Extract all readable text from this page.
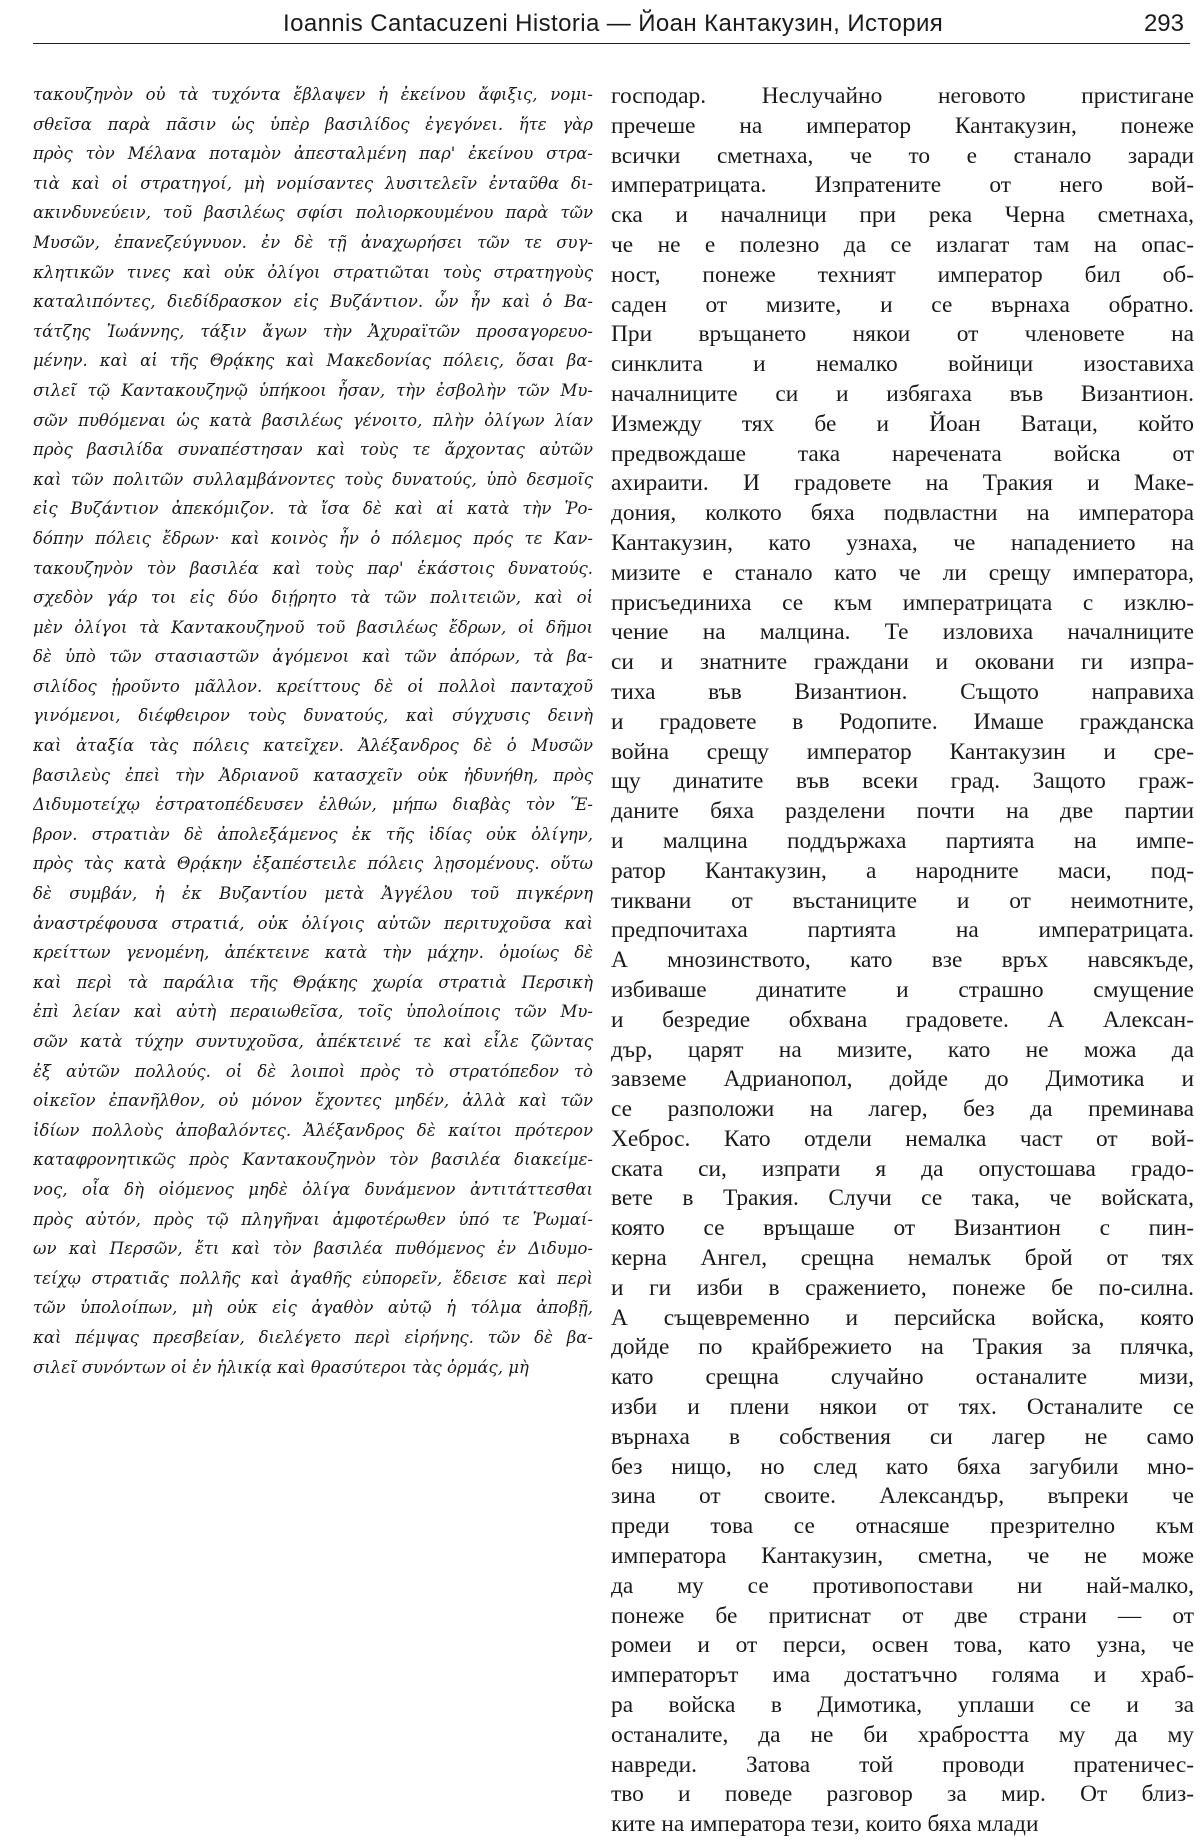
Ioannis Cantacuzeni Historia — Йоан Кантакузин, История	293
τακουζηνὸν οὐ τὰ τυχόντα ἔβλαψεν ἡ ἐκείνου ἄφιξις, νομι-
σθεῖσα παρὰ πᾶσιν ὡς ὑπὲρ βασιλίδος ἐγεγόνει. ἥτε γὰρ
πρὸς τὸν Μέλανα ποταμὸν ἀπεσταλμένη παρ' ἐκείνου στρα-
τιὰ καὶ οἱ στρατηγοί, μὴ νομίσαντες λυσιτελεῖν ἐνταῦθα δι-
ακινδυνεύειν, τοῦ βασιλέως σφίσι πολιορκουμένου παρὰ τῶν
Μυσῶν, ἐπανεζεύγνυον. ἐν δὲ τῇ ἀναχωρήσει τῶν τε συγ-
κλητικῶν τινες καὶ οὐκ ὀλίγοι στρατιῶται τοὺς στρατηγοὺς
καταλιπόντες, διεδίδρασκον εἰς Βυζάντιον. ὧν ἦν καὶ ὁ Βα-
τάτζης Ἰωάννης, τάξιν ἄγων τὴν Ἀχυραϊτῶν προσαγορευο-
μένην. καὶ αἱ τῆς Θρᾴκης καὶ Μακεδονίας πόλεις, ὅσαι βα-
σιλεῖ τῷ Καντακουζηνῷ ὑπήκοοι ἦσαν, τὴν ἐσβολὴν τῶν Μυ-
σῶν πυθόμεναι ὡς κατὰ βασιλέως γένοιτο, πλὴν ὀλίγων λίαν
πρὸς βασιλίδα συναπέστησαν καὶ τοὺς τε ἄρχοντας αὐτῶν
καὶ τῶν πολιτῶν συλλαμβάνοντες τοὺς δυνατούς, ὑπὸ δεσμοῖς
εἰς Βυζάντιον ἀπεκόμιζον. τὰ ἴσα δὲ καὶ αἱ κατὰ τὴν Ῥο-
δόπην πόλεις ἔδρων· καὶ κοινὸς ἦν ὁ πόλεμος πρός τε Καν-
τακουζηνὸν τὸν βασιλέα καὶ τοὺς παρ' ἑκάστοις δυνατούς.
σχεδὸν γάρ τοι εἰς δύο διῄρητο τὰ τῶν πολιτειῶν, καὶ οἱ
μὲν ὀλίγοι τὰ Καντακουζηνοῦ τοῦ βασιλέως ἔδρων, οἱ δῆμοι
δὲ ὑπὸ τῶν στασιαστῶν ἀγόμενοι καὶ τῶν ἀπόρων, τὰ βα-
σιλίδος ᾑροῦντο μᾶλλον. κρείττους δὲ οἱ πολλοὶ πανταχοῦ
γινόμενοι, διέφθειρον τοὺς δυνατούς, καὶ σύγχυσις δεινὴ
καὶ ἀταξία τὰς πόλεις κατεῖχεν. Ἀλέξανδρος δὲ ὁ Μυσῶν
βασιλεὺς ἐπεὶ τὴν Ἀδριανοῦ κατασχεῖν οὐκ ἠδυνήθη, πρὸς
Διδυμοτείχῳ ἐστρατοπέδευσεν ἐλθών, μήπω διαβὰς τὸν Ἕ-
βρον. στρατιὰν δὲ ἀπολεξάμενος ἐκ τῆς ἰδίας οὐκ ὀλίγην,
πρὸς τὰς κατὰ Θρᾴκην ἐξαπέστειλε πόλεις λῃσομένους. οὕτω
δὲ συμβάν, ἡ ἐκ Βυζαντίου μετὰ Ἀγγέλου τοῦ πιγκέρνη
ἀναστρέφουσα στρατιά, οὐκ ὀλίγοις αὐτῶν περιτυχοῦσα καὶ
κρείττων γενομένη, ἀπέκτεινε κατὰ τὴν μάχην. ὁμοίως δὲ
καὶ περὶ τὰ παράλια τῆς Θρᾴκης χωρία στρατιὰ Περσικὴ
ἐπὶ λείαν καὶ αὐτὴ περαιωθεῖσα, τοῖς ὑπολοίποις τῶν Μυ-
σῶν κατὰ τύχην συντυχοῦσα, ἀπέκτεινέ τε καὶ εἷλε ζῶντας
ἐξ αὐτῶν πολλούς. οἱ δὲ λοιποὶ πρὸς τὸ στρατόπεδον τὸ
οἰκεῖον ἐπανῆλθον, οὐ μόνον ἔχοντες μηδέν, ἀλλὰ καὶ τῶν
ἰδίων πολλοὺς ἀποβαλόντες. Ἀλέξανδρος δὲ καίτοι πρότερον
καταφρονητικῶς πρὸς Καντακουζηνὸν τὸν βασιλέα διακείμε-
νος, οἷα δὴ οἰόμενος μηδὲ ὀλίγα δυνάμενον ἀντιτάττεσθαι
πρὸς αὐτόν, πρὸς τῷ πληγῆναι ἀμφοτέρωθεν ὑπό τε Ῥωμαί-
ων καὶ Περσῶν, ἔτι καὶ τὸν βασιλέα πυθόμενος ἐν Διδυμο-
τείχῳ στρατιᾶς πολλῆς καὶ ἀγαθῆς εὐπορεῖν, ἔδεισε καὶ περὶ
τῶν ὑπολοίπων, μὴ οὐκ εἰς ἀγαθὸν αὐτῷ ἡ τόλμα ἀποβῇ,
καὶ πέμψας πρεσβείαν, διελέγετο περὶ εἰρήνης. τῶν δὲ βα-
σιλεῖ συνόντων οἱ ἐν ἡλικίᾳ καὶ θρασύτεροι τὰς ὁρμάς, μὴ
господар. Неслучайно неговото пристигане
пречеше на император Кантакузин, понеже
всички сметнаха, че то е станало заради
императрицата. Изпратените от него вой-
ска и началници при река Черна сметнаха,
че не е полезно да се излагат там на опас-
ност, понеже техният император бил об-
саден от мизите, и се върнаха обратно.
При връщането някои от членовете на
синклита и немалко войници изоставиха
началниците си и избягаха във Византион.
Измежду тях бе и Йоан Ватаци, който
предвождаше така наречената войска от
ахираити. И градовете на Тракия и Маке-
дония, колкото бяха подвластни на императора
Кантакузин, като узнаха, че нападението на
мизите е станало като че ли срещу императора,
присъединиха се към императрицата с изклю-
чение на малцина. Те изловиха началниците
си и знатните граждани и оковани ги изпра-
тиха във Византион. Същото направиха
и градовете в Родопите. Имаше гражданска
война срещу император Кантакузин и сре-
щу динатите във всеки град. Защото граж-
даните бяха разделени почти на две партии
и малцина поддържаха партията на импе-
ратор Кантакузин, а народните маси, под-
тиквани от въстаниците и от неимотните,
предпочитаха партията на императрицата.
А мнозинството, като взе връх навсякъде,
избиваше динатите и страшно смущение
и безредие обхвана градовете. А Алексан-
дър, царят на мизите, като не можа да
завземе Адрианопол, дойде до Димотика и
се разположи на лагер, без да преминава
Хеброс. Като отдели немалка част от вой-
ската си, изпрати я да опустошава градо-
вете в Тракия. Случи се така, че войската,
която се връщаше от Византион с пин-
керна Ангел, срещна немалък брой от тях
и ги изби в сражението, понеже бе по-силна.
А същевременно и персийска войска, която
дойде по крайбрежието на Тракия за плячка,
като срещна случайно останалите мизи,
изби и плени някои от тях. Останалите се
върнаха в собствения си лагер не само
без нищо, но след като бяха загубили мно-
зина от своите. Александър, въпреки че
преди това се отнасяше презрително към
императора Кантакузин, сметна, че не може
да му се противопостави ни най-малко,
понеже бе притиснат от две страни — от
ромеи и от перси, освен това, като узна, че
императорът има достатъчно голяма и храб-
ра войска в Димотика, уплаши се и за
останалите, да не би храбростта му да му
навреди. Затова той проводи пратеничес-
тво и поведе разговор за мир. От близ-
ките на императора тези, които бяха млади
